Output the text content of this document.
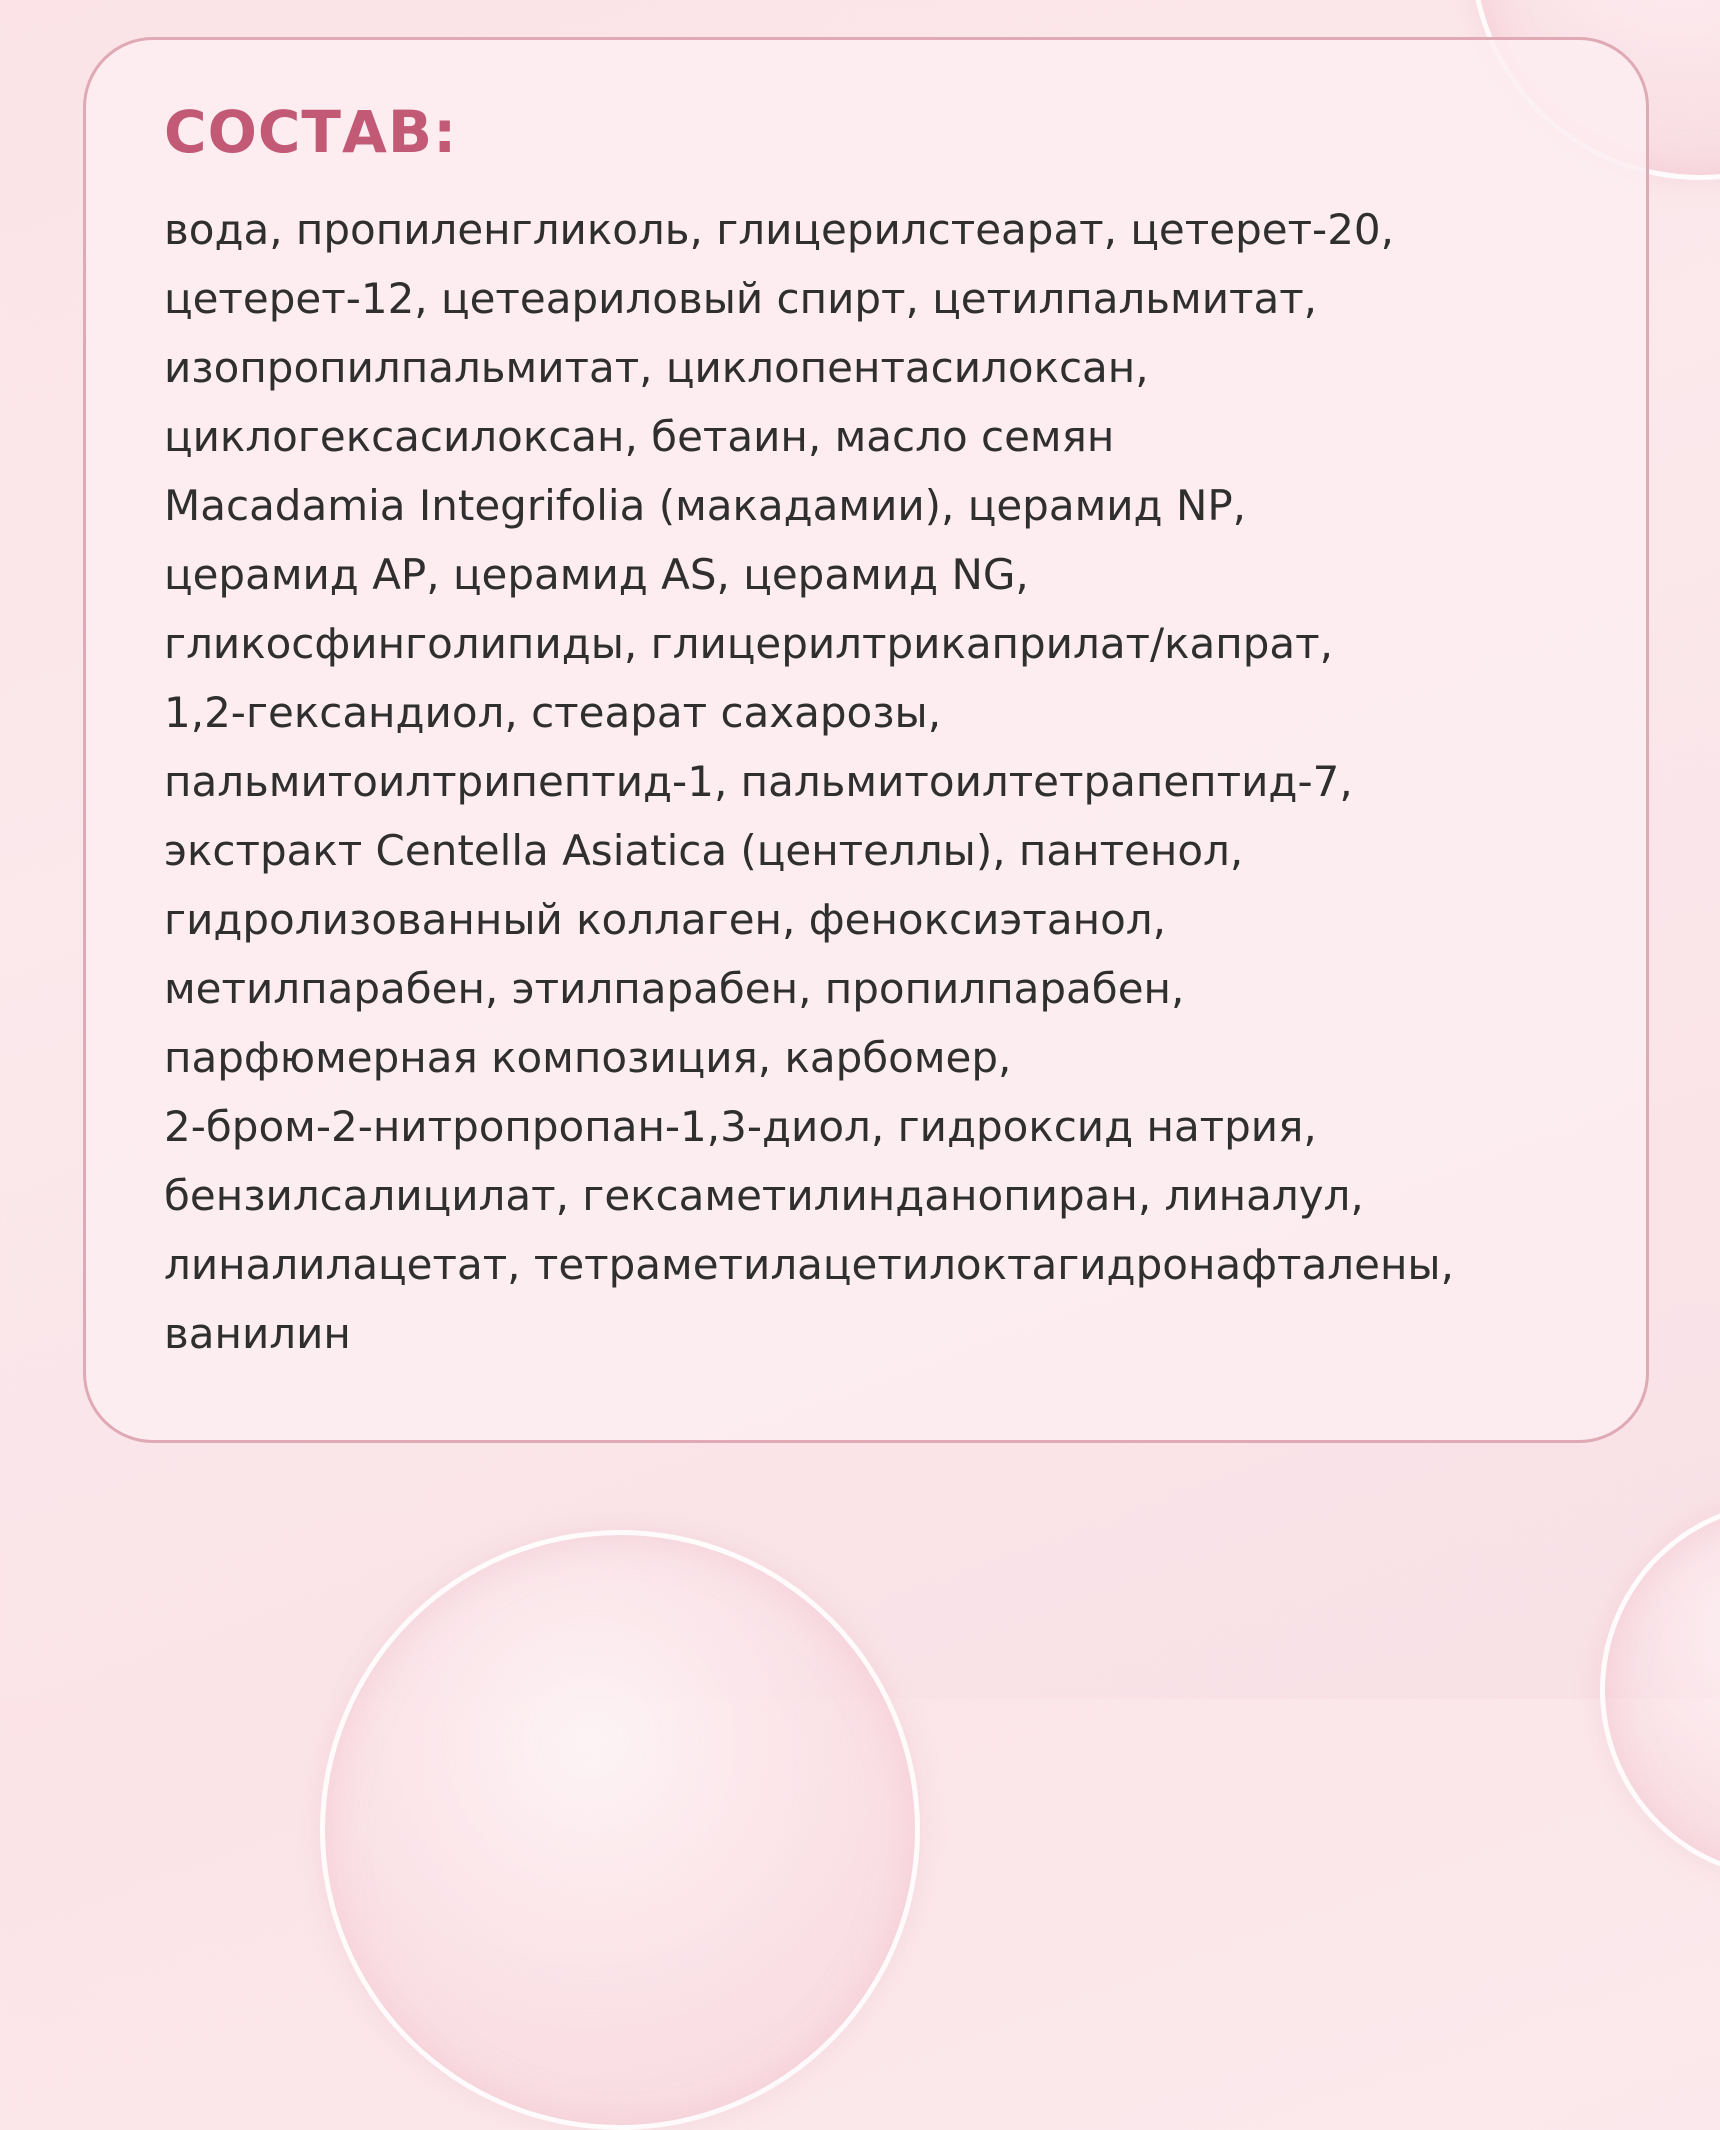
СОСТАВ:
вода, пропиленгликоль, глицерилстеарат, цетерет-20,
цетерет-12, цетеариловый спирт, цетилпальмитат,
изопропилпальмитат, циклопентасилоксан,
циклогексасилоксан, бетаин, масло семян
Macadamia Integrifolia (макадамии), церамид NP,
церамид AP, церамид AS, церамид NG,
гликосфинголипиды, глицерилтрикаприлат/капрат,
1,2-гександиол, стеарат сахарозы,
пальмитоилтрипептид-1, пальмитоилтетрапептид-7,
экстракт Centella Asiatica (центеллы), пантенол,
гидролизованный коллаген, феноксиэтанол,
метилпарабен, этилпарабен, пропилпарабен,
парфюмерная композиция, карбомер,
2-бром-2-нитропропан-1,3-диол, гидроксид натрия,
бензилсалицилат, гексаметилинданопиран, линалул,
линалилацетат, тетраметилацетилоктагидронафталены,
ванилин
